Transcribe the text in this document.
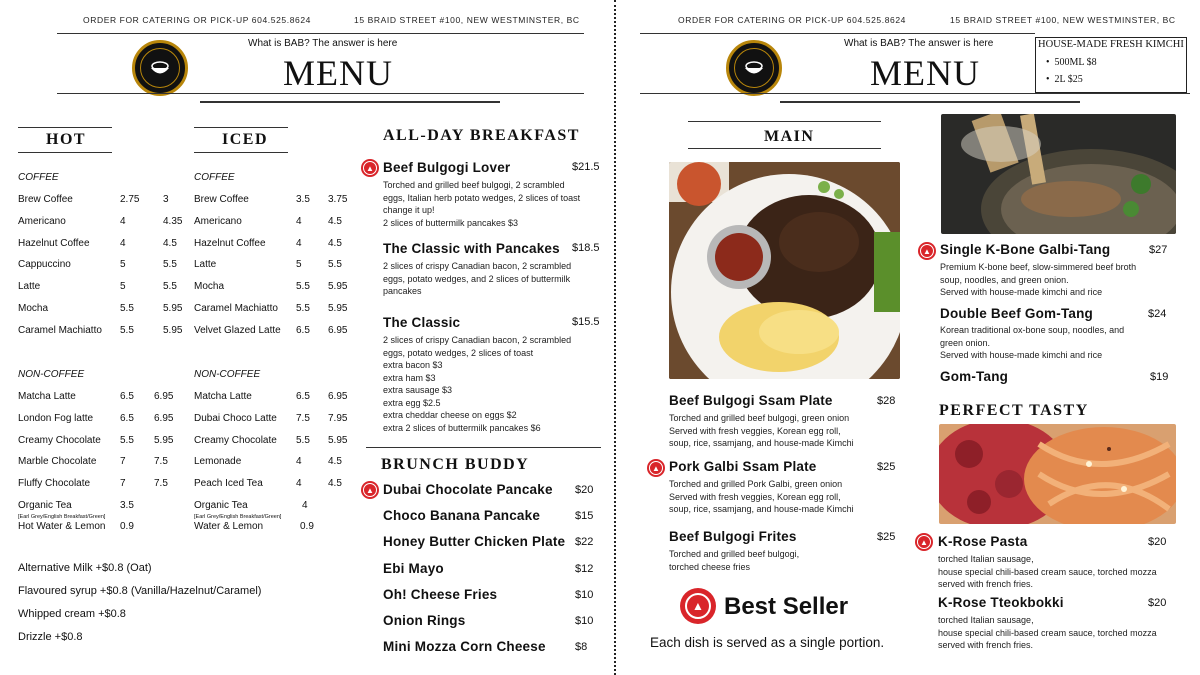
ORDER FOR CATERING OR PICK-UP 604.525.8624	15 BRAID STREET #100, NEW WESTMINSTER, BC
What is BAB? The answer is here
MENU
HOT
COFFEE
Brew Coffee	2.75 3
Americano	4	4.35
Hazelnut Coffee	4	4.5
Cappuccino	5	5.5
Latte	5	5.5
Mocha	5.5	5.95
Caramel Machiatto 5.5	5.95
NON-COFFEE
Matcha Latte	6.5 6.95
London Fog latte	6.5 6.95
Creamy Chocolate 5.5 5.95
Marble Chocolate 7	7.5
Fluffy Chocolate	7	7.5
Organic Tea	3.5
[Earl Grey/English Breakfast/Green]
Hot Water & Lemon 0.9
ICED
COFFEE
Brew Coffee	3.5 3.75
Americano	4	4.5
Hazelnut Coffee	4	4.5
Latte	5	5.5
Mocha	5.5 5.95
Caramel Machiatto 5.5 5.95
Velvet Glazed Latte 6.5 6.95
NON-COFFEE
Matcha Latte	6.5 6.95
Dubai Choco Latte 7.5 7.95
Creamy Chocolate 5.5 5.95
Lemonade	4	4.5
Peach Iced Tea	4	4.5
Organic Tea	4
[Earl Grey/English Breakfast/Green]
Water & Lemon	0.9
Alternative Milk +$0.8 (Oat)
Flavoured syrup +$0.8 (Vanilla/Hazelnut/Caramel)
Whipped cream +$0.8
Drizzle +$0.8
ALL-DAY BREAKFAST
▲ Beef Bulgogi Lover	$21.5
Torched and grilled beef bulgogi, 2 scrambled
eggs, Italian herb potato wedges, 2 slices of toast
change it up!
2 slices of buttermilk pancakes $3
The Classic with Pancakes $18.5
2 slices of crispy Canadian bacon, 2 scrambled
eggs, potato wedges, and 2 slices of buttermilk
pancakes
The Classic	$15.5
2 slices of crispy Canadian bacon, 2 scrambled
eggs, potato wedges, 2 slices of toast
extra bacon $3
extra ham $3
extra sausage $3
extra egg $2.5
extra cheddar cheese on eggs $2
extra 2 slices of buttermilk pancakes $6
BRUNCH BUDDY
▲ Dubai Chocolate Pancake $20
Choco Banana Pancake	$15
Honey Butter Chicken Plate $22
Ebi Mayo	$12
Oh! Cheese Fries	$10
Onion Rings	$10
Mini Mozza Corn Cheese	$8
ORDER FOR CATERING OR PICK-UP 604.525.8624	15 BRAID STREET #100, NEW WESTMINSTER, BC
What is BAB? The answer is here
MENU
HOUSE-MADE FRESH KIMCHI
•  500ML $8
•  2L $25
MAIN
Beef Bulgogi Ssam Plate	$28
Torched and grilled beef bulgogi, green onion
Served with fresh veggies, Korean egg roll,
soup, rice, ssamjang, and house-made Kimchi
▲ Pork Galbi Ssam Plate	$25
Torched and grilled Pork Galbi, green onion
Served with fresh veggies, Korean egg roll,
soup, rice, ssamjang, and house-made Kimchi
Beef Bulgogi Frites	$25
Torched and grilled beef bulgogi,
torched cheese fries
▲ Best Seller
Each dish is served as a single portion.
▲ Single K-Bone Galbi-Tang	$27
Premium K-bone beef, slow-simmered beef broth
soup, noodles, and green onion.
Served with house-made kimchi and rice
Double Beef Gom-Tang	$24
Korean traditional ox-bone soup, noodles, and
green onion.
Served with house-made kimchi and rice
Gom-Tang	$19
PERFECT TASTY
▲ K-Rose Pasta	$20
torched Italian sausage,
house special chili-based cream sauce, torched mozza
served with french fries.
K-Rose Tteokbokki	$20
torched Italian sausage,
house special chili-based cream sauce, torched mozza
served with french fries.
